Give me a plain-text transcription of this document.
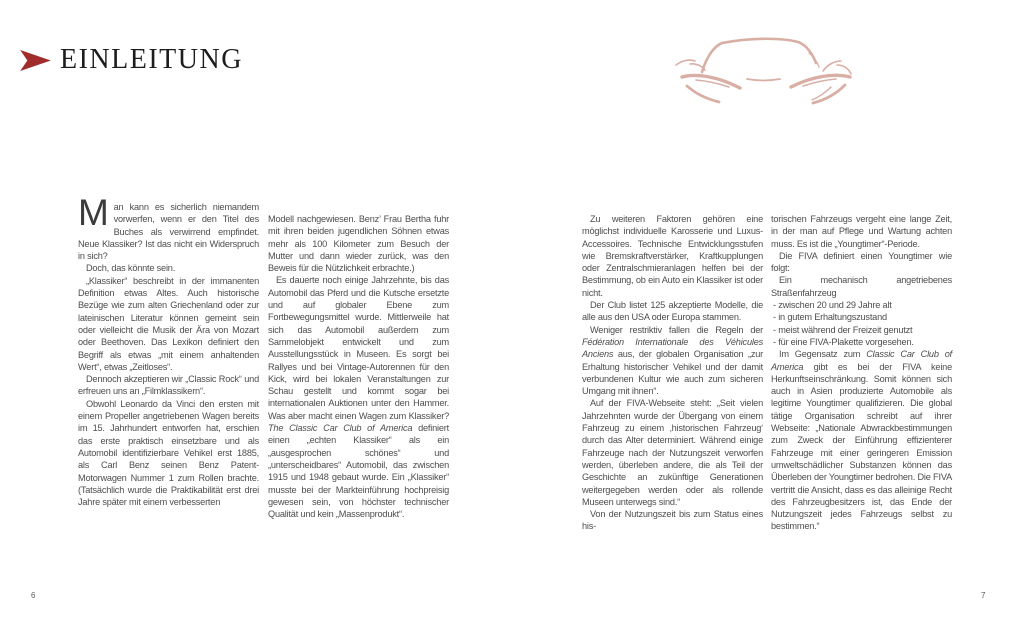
EINLEITUNG

Man kann es sicherlich niemandem vorwerfen, wenn er den Titel des Buches als verwirrend empfindet. Neue Klassiker? Ist das nicht ein Widerspruch in sich?

Doch, das könnte sein.

„Klassiker“ beschreibt in der immanenten Definition etwas Altes. Auch historische Bezüge wie zum alten Griechenland oder zur lateinischen Literatur können gemeint sein oder vielleicht die Musik der Ära von Mozart oder Beethoven. Das Lexikon definiert den Begriff als etwas „mit einem anhaltenden Wert“, etwas „Zeitloses“.

Dennoch akzeptieren wir „Classic Rock“ und erfreuen uns an „Filmklassikern“.

Obwohl Leonardo da Vinci den ersten mit einem Propeller angetriebenen Wagen bereits im 15. Jahrhundert entworfen hat, erschien das erste praktisch einsetzbare und als Automobil identifizierbare Vehikel erst 1885, als Carl Benz seinen Benz Patent-Motorwagen Nummer 1 zum Rollen brachte. (Tatsächlich wurde die Praktikabilität erst drei Jahre später mit einem verbesserten

Modell nachgewiesen. Benz’ Frau Bertha fuhr mit ihren beiden jugendlichen Söhnen etwas mehr als 100 Kilometer zum Besuch der Mutter und dann wieder zurück, was den Beweis für die Nützlichkeit erbrachte.)

Es dauerte noch einige Jahrzehnte, bis das Automobil das Pferd und die Kutsche ersetzte und auf globaler Ebene zum Fortbewegungsmittel wurde. Mittlerweile hat sich das Automobil außerdem zum Sammelobjekt entwickelt und zum Ausstellungsstück in Museen. Es sorgt bei Rallyes und bei Vintage-Autorennen für den Kick, wird bei lokalen Veranstaltungen zur Schau gestellt und kommt sogar bei internationalen Auktionen unter den Hammer. Was aber macht einen Wagen zum Klassiker? The Classic Car Club of America definiert einen „echten Klassiker“ als ein „ausgesprochen schönes“ und „unterscheidbares“ Automobil, das zwischen 1915 und 1948 gebaut wurde. Ein „Klassiker“ musste bei der Markteinführung hochpreisig gewesen sein, von höchster technischer Qualität und kein „Massenprodukt“.

6

Zu weiteren Faktoren gehören eine möglichst individuelle Karosserie und Luxus-Accessoires. Technische Entwicklungsstufen wie Bremskraftverstärker, Kraftkupplungen oder Zentralschmieranlagen helfen bei der Bestimmung, ob ein Auto ein Klassiker ist oder nicht.

Der Club listet 125 akzeptierte Modelle, die alle aus den USA oder Europa stammen.

Weniger restriktiv fallen die Regeln der Fédération Internationale des Véhicules Anciens aus, der globalen Organisation „zur Erhaltung historischer Vehikel und der damit verbundenen Kultur wie auch zum sicheren Umgang mit ihnen“.

Auf der FIVA-Webseite steht: „Seit vielen Jahrzehnten wurde der Übergang von einem Fahrzeug zu einem ‚historischen Fahrzeug‘ durch das Alter determiniert. Während einige Fahrzeuge nach der Nutzungszeit verworfen werden, überleben andere, die als Teil der Geschichte an zukünftige Generationen weitergegeben werden oder als rollende Museen unterwegs sind.“

Von der Nutzungszeit bis zum Status eines his-

torischen Fahrzeugs vergeht eine lange Zeit, in der man auf Pflege und Wartung achten muss. Es ist die „Youngtimer“-Periode.

Die FIVA definiert einen Youngtimer wie folgt:

Ein mechanisch angetriebenes Straßenfahrzeug

- zwischen 20 und 29 Jahre alt

- in gutem Erhaltungszustand

- meist während der Freizeit genutzt

- für eine FIVA-Plakette vorgesehen.

Im Gegensatz zum Classic Car Club of America gibt es bei der FIVA keine Herkunftseinschränkung. Somit können sich auch in Asien produzierte Automobile als legitime Youngtimer qualifizieren. Die global tätige Organisation schreibt auf ihrer Webseite: „Nationale Abwrackbestimmungen zum Zweck der Einführung effizienterer Fahrzeuge mit einer geringeren Emission umweltschädlicher Substanzen können das Überleben der Youngtimer bedrohen. Die FIVA vertritt die Ansicht, dass es das alleinige Recht des Fahrzeugbesitzers ist, das Ende der Nutzungszeit jedes Fahrzeugs selbst zu bestimmen.“

7
